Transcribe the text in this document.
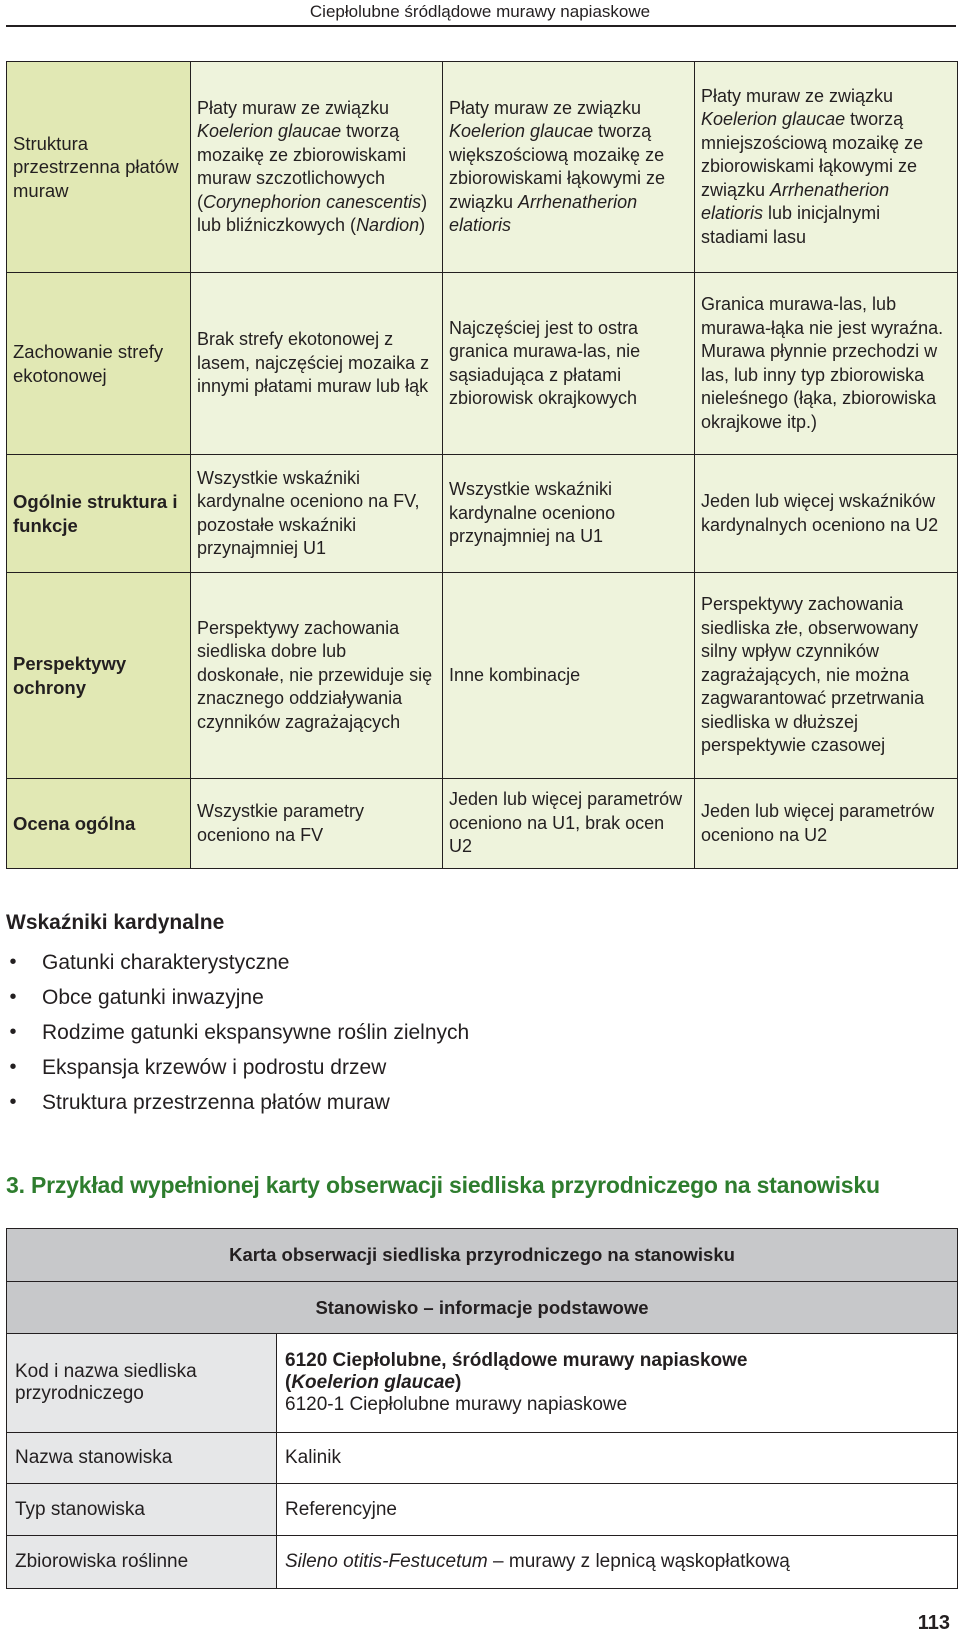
Ciepłolubne śródlądowe murawy napiaskowe
Struktura przestrzenna płatów muraw	Płaty muraw ze związku Koelerion glaucae tworzą mozaikę ze zbiorowiskami muraw szczotlichowych (Corynephorion canescentis) lub bliźniczkowych (Nardion)	Płaty muraw ze związku Koelerion glaucae tworzą większościową mozaikę ze zbiorowiskami łąkowymi ze związku Arrhenatherion elatioris	Płaty muraw ze związku Koelerion glaucae tworzą mniejszościową mozaikę ze zbiorowiskami łąkowymi ze związku Arrhenatherion elatioris lub inicjalnymi stadiami lasu
Zachowanie strefy ekotonowej	Brak strefy ekotonowej z lasem, najczęściej mozaika z innymi płatami muraw lub łąk	Najczęściej jest to ostra granica murawa-las, nie sąsiadująca z płatami zbiorowisk okrajkowych	Granica murawa-las, lub murawa-łąka nie jest wyraźna. Murawa płynnie przechodzi w las, lub inny typ zbiorowiska nieleśnego (łąka, zbiorowiska okrajkowe itp.)
Ogólnie struktura i funkcje	Wszystkie wskaźniki kardynalne oceniono na FV, pozostałe wskaźniki przynajmniej U1	Wszystkie wskaźniki kardynalne oceniono przynajmniej na U1	Jeden lub więcej wskaźników kardynalnych oceniono na U2
Perspektywy ochrony	Perspektywy zachowania siedliska dobre lub doskonałe, nie przewiduje się znacznego oddziaływania czynników zagrażających	Inne kombinacje	Perspektywy zachowania siedliska złe, obserwowany silny wpływ czynników zagrażających, nie można zagwarantować przetrwania siedliska w dłuższej perspektywie czasowej
Ocena ogólna	Wszystkie parametry oceniono na FV	Jeden lub więcej parametrów oceniono na U1, brak ocen U2	Jeden lub więcej parametrów oceniono na U2
Wskaźniki kardynalne
• Gatunki charakterystyczne
• Obce gatunki inwazyjne
• Rodzime gatunki ekspansywne roślin zielnych
• Ekspansja krzewów i podrostu drzew
• Struktura przestrzenna płatów muraw
3. Przykład wypełnionej karty obserwacji siedliska przyrodniczego na stanowisku
Karta obserwacji siedliska przyrodniczego na stanowisku	
Stanowisko – informacje podstawowe	
Kod i nazwa siedliska przyrodniczego	6120 Ciepłolubne, śródlądowe murawy napiaskowe
(Koelerion glaucae)
6120-1 Ciepłolubne murawy napiaskowe

Nazwa stanowiska	Kalinik
Typ stanowiska	Referencyjne
Zbiorowiska roślinne	Sileno otitis-Festucetum – murawy z lepnicą wąskopłatkową
113
